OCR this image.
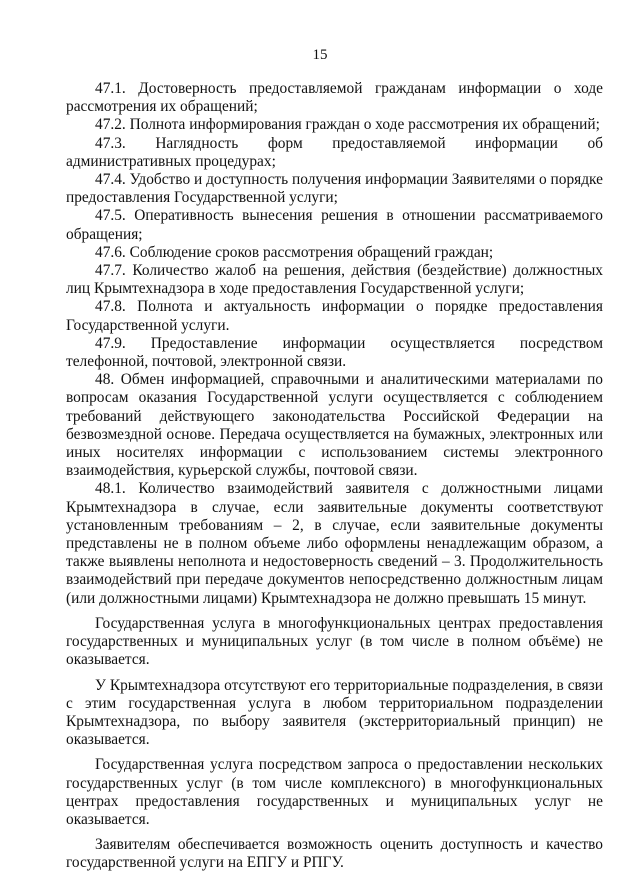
15

47.1. Достоверность предоставляемой гражданам информации о ходе рассмотрения их обращений;

47.2. Полнота информирования граждан о ходе рассмотрения их обращений;

47.3. Наглядность форм предоставляемой информации об административных процедурах;

47.4. Удобство и доступность получения информации Заявителями о порядке предоставления Государственной услуги;

47.5. Оперативность вынесения решения в отношении рассматриваемого обращения;

47.6. Соблюдение сроков рассмотрения обращений граждан;

47.7. Количество жалоб на решения, действия (бездействие) должностных лиц Крымтехнадзора в ходе предоставления Государственной услуги;

47.8. Полнота и актуальность информации о порядке предоставления Государственной услуги.

47.9. Предоставление информации осуществляется посредством телефонной, почтовой, электронной связи.

48. Обмен информацией, справочными и аналитическими материалами по вопросам оказания Государственной услуги осуществляется с соблюдением требований действующего законодательства Российской Федерации на безвозмездной основе. Передача осуществляется на бумажных, электронных или иных носителях информации с использованием системы электронного взаимодействия, курьерской службы, почтовой связи.

48.1. Количество взаимодействий заявителя с должностными лицами Крымтехнадзора в случае, если заявительные документы соответствуют установленным требованиям – 2, в случае, если заявительные документы представлены не в полном объеме либо оформлены ненадлежащим образом, а также выявлены неполнота и недостоверность сведений – 3. Продолжительность взаимодействий при передаче документов непосредственно должностным лицам (или должностными лицами) Крымтехнадзора не должно превышать 15 минут.

Государственная услуга в многофункциональных центрах предоставления государственных и муниципальных услуг (в том числе в полном объёме) не оказывается.

У Крымтехнадзора отсутствуют его территориальные подразделения, в связи с этим государственная услуга в любом территориальном подразделении Крымтехнадзора, по выбору заявителя (экстерриториальный принцип) не оказывается.

Государственная услуга посредством запроса о предоставлении нескольких государственных услуг (в том числе комплексного) в многофункциональных центрах предоставления государственных и муниципальных услуг не оказывается.

Заявителям обеспечивается возможность оценить доступность и качество государственной услуги на ЕПГУ и РПГУ.
